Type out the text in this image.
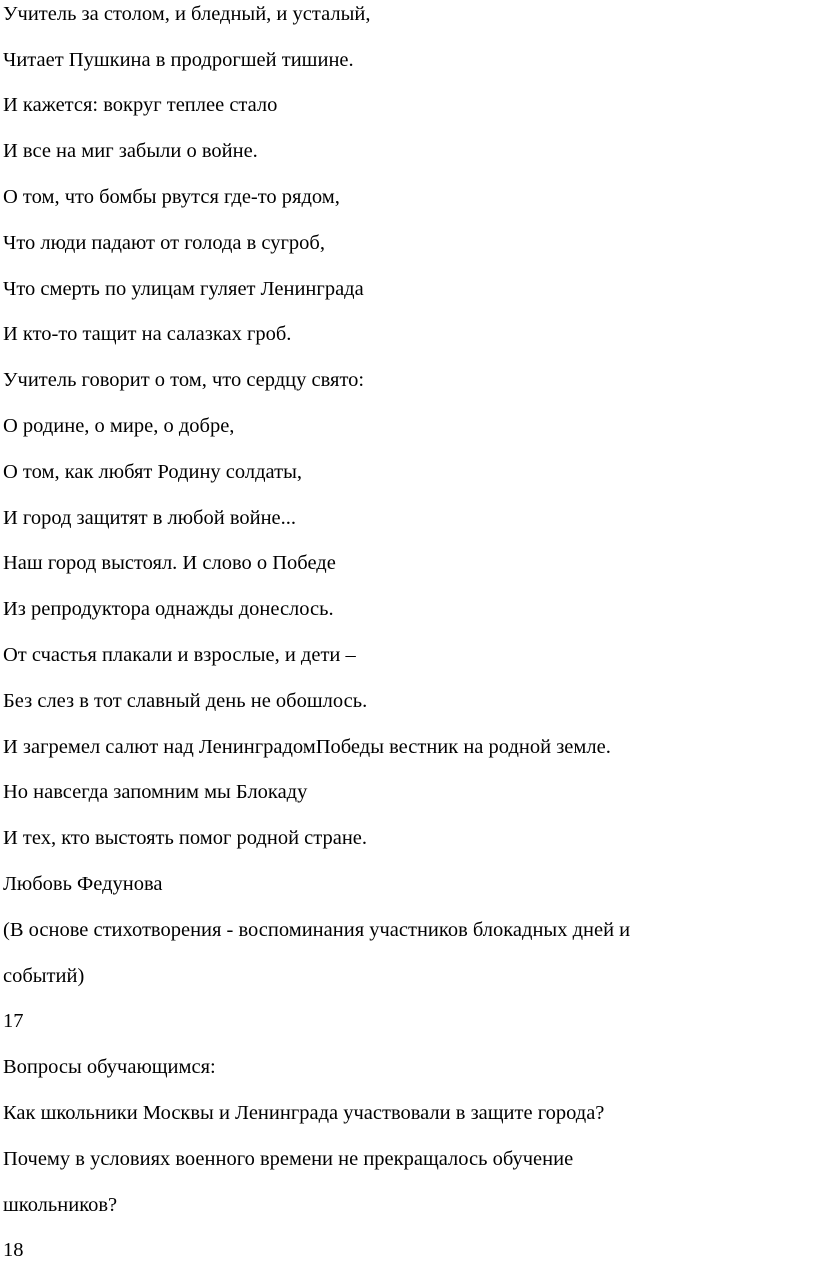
Учитель за столом, и бледный, и усталый,
Читает Пушкина в продрогшей тишине.
И кажется: вокруг теплее стало
И все на миг забыли о войне.
О том, что бомбы рвутся где-то рядом,
Что люди падают от голода в сугроб,
Что смерть по улицам гуляет Ленинграда
И кто-то тащит на салазках гроб.
Учитель говорит о том, что сердцу свято:
О родине, о мире, о добре,
О том, как любят Родину солдаты,
И город защитят в любой войне...
Наш город выстоял. И слово о Победе
Из репродуктора однажды донеслось.
От счастья плакали и взрослые, и дети –
Без слез в тот славный день не обошлось.
И загремел салют над ЛенинградомПобеды вестник на родной земле.
Но навсегда запомним мы Блокаду
И тех, кто выстоять помог родной стране.
Любовь Федунова
(В основе стихотворения - воспоминания участников блокадных дней и
событий)
17
Вопросы обучающимся:
Как школьники Москвы и Ленинграда участвовали в защите города?
Почему в условиях военного времени не прекращалось обучение
школьников?
18
